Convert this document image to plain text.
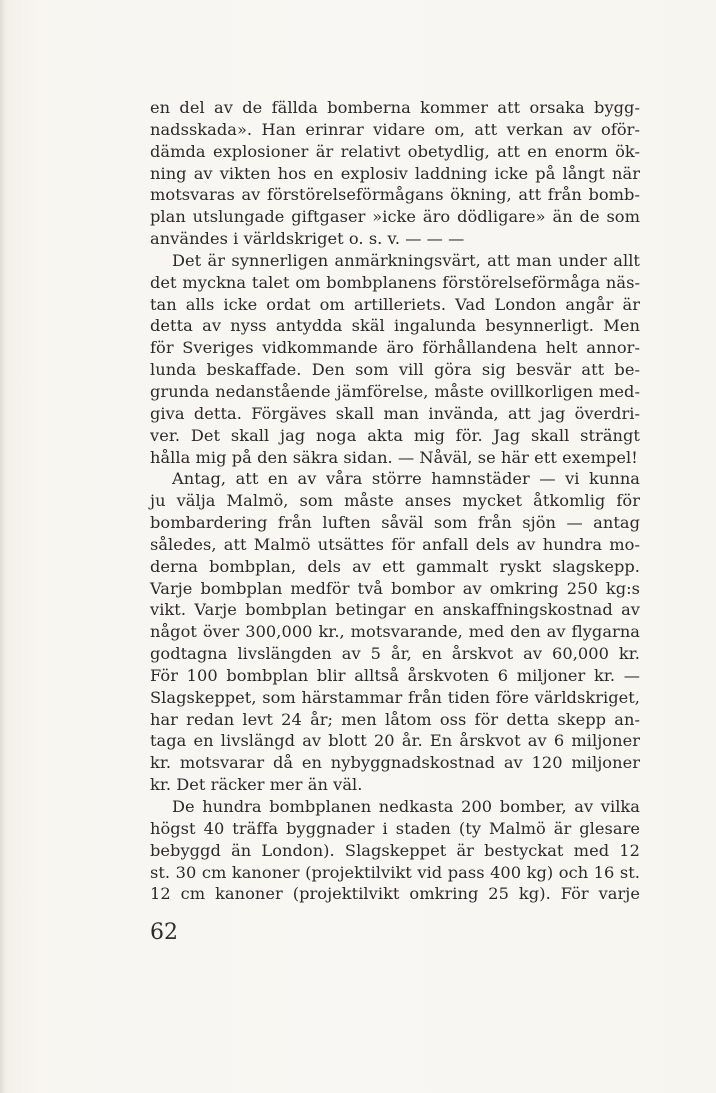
en del av de fällda bomberna kommer att orsaka bygg-
nadsskada». Han erinrar vidare om, att verkan av oför-
dämda explosioner är relativt obetydlig, att en enorm ök-
ning av vikten hos en explosiv laddning icke på långt när
motsvaras av förstörelseförmågans ökning, att från bomb-
plan utslungade giftgaser »icke äro dödligare» än de som
användes i världskriget o. s. v. — — —
Det är synnerligen anmärkningsvärt, att man under allt
det myckna talet om bombplanens förstörelseförmåga näs-
tan alls icke ordat om artilleriets. Vad London angår är
detta av nyss antydda skäl ingalunda besynnerligt. Men
för Sveriges vidkommande äro förhållandena helt annor-
lunda beskaffade. Den som vill göra sig besvär att be-
grunda nedanstående jämförelse, måste ovillkorligen med-
giva detta. Förgäves skall man invända, att jag överdri-
ver. Det skall jag noga akta mig för. Jag skall strängt
hålla mig på den säkra sidan. — Nåväl, se här ett exempel!
Antag, att en av våra större hamnstäder — vi kunna
ju välja Malmö, som måste anses mycket åtkomlig för
bombardering från luften såväl som från sjön — antag
således, att Malmö utsättes för anfall dels av hundra mo-
derna bombplan, dels av ett gammalt ryskt slagskepp.
Varje bombplan medför två bombor av omkring 250 kg:s
vikt. Varje bombplan betingar en anskaffningskostnad av
något över 300,000 kr., motsvarande, med den av flygarna
godtagna livslängden av 5 år, en årskvot av 60,000 kr.
För 100 bombplan blir alltså årskvoten 6 miljoner kr. —
Slagskeppet, som härstammar från tiden före världskriget,
har redan levt 24 år; men låtom oss för detta skepp an-
taga en livslängd av blott 20 år. En årskvot av 6 miljoner
kr. motsvarar då en nybyggnadskostnad av 120 miljoner
kr. Det räcker mer än väl.
De hundra bombplanen nedkasta 200 bomber, av vilka
högst 40 träffa byggnader i staden (ty Malmö är glesare
bebyggd än London). Slagskeppet är bestyckat med 12
st. 30 cm kanoner (projektilvikt vid pass 400 kg) och 16 st.
12 cm kanoner (projektilvikt omkring 25 kg). För varje
62
